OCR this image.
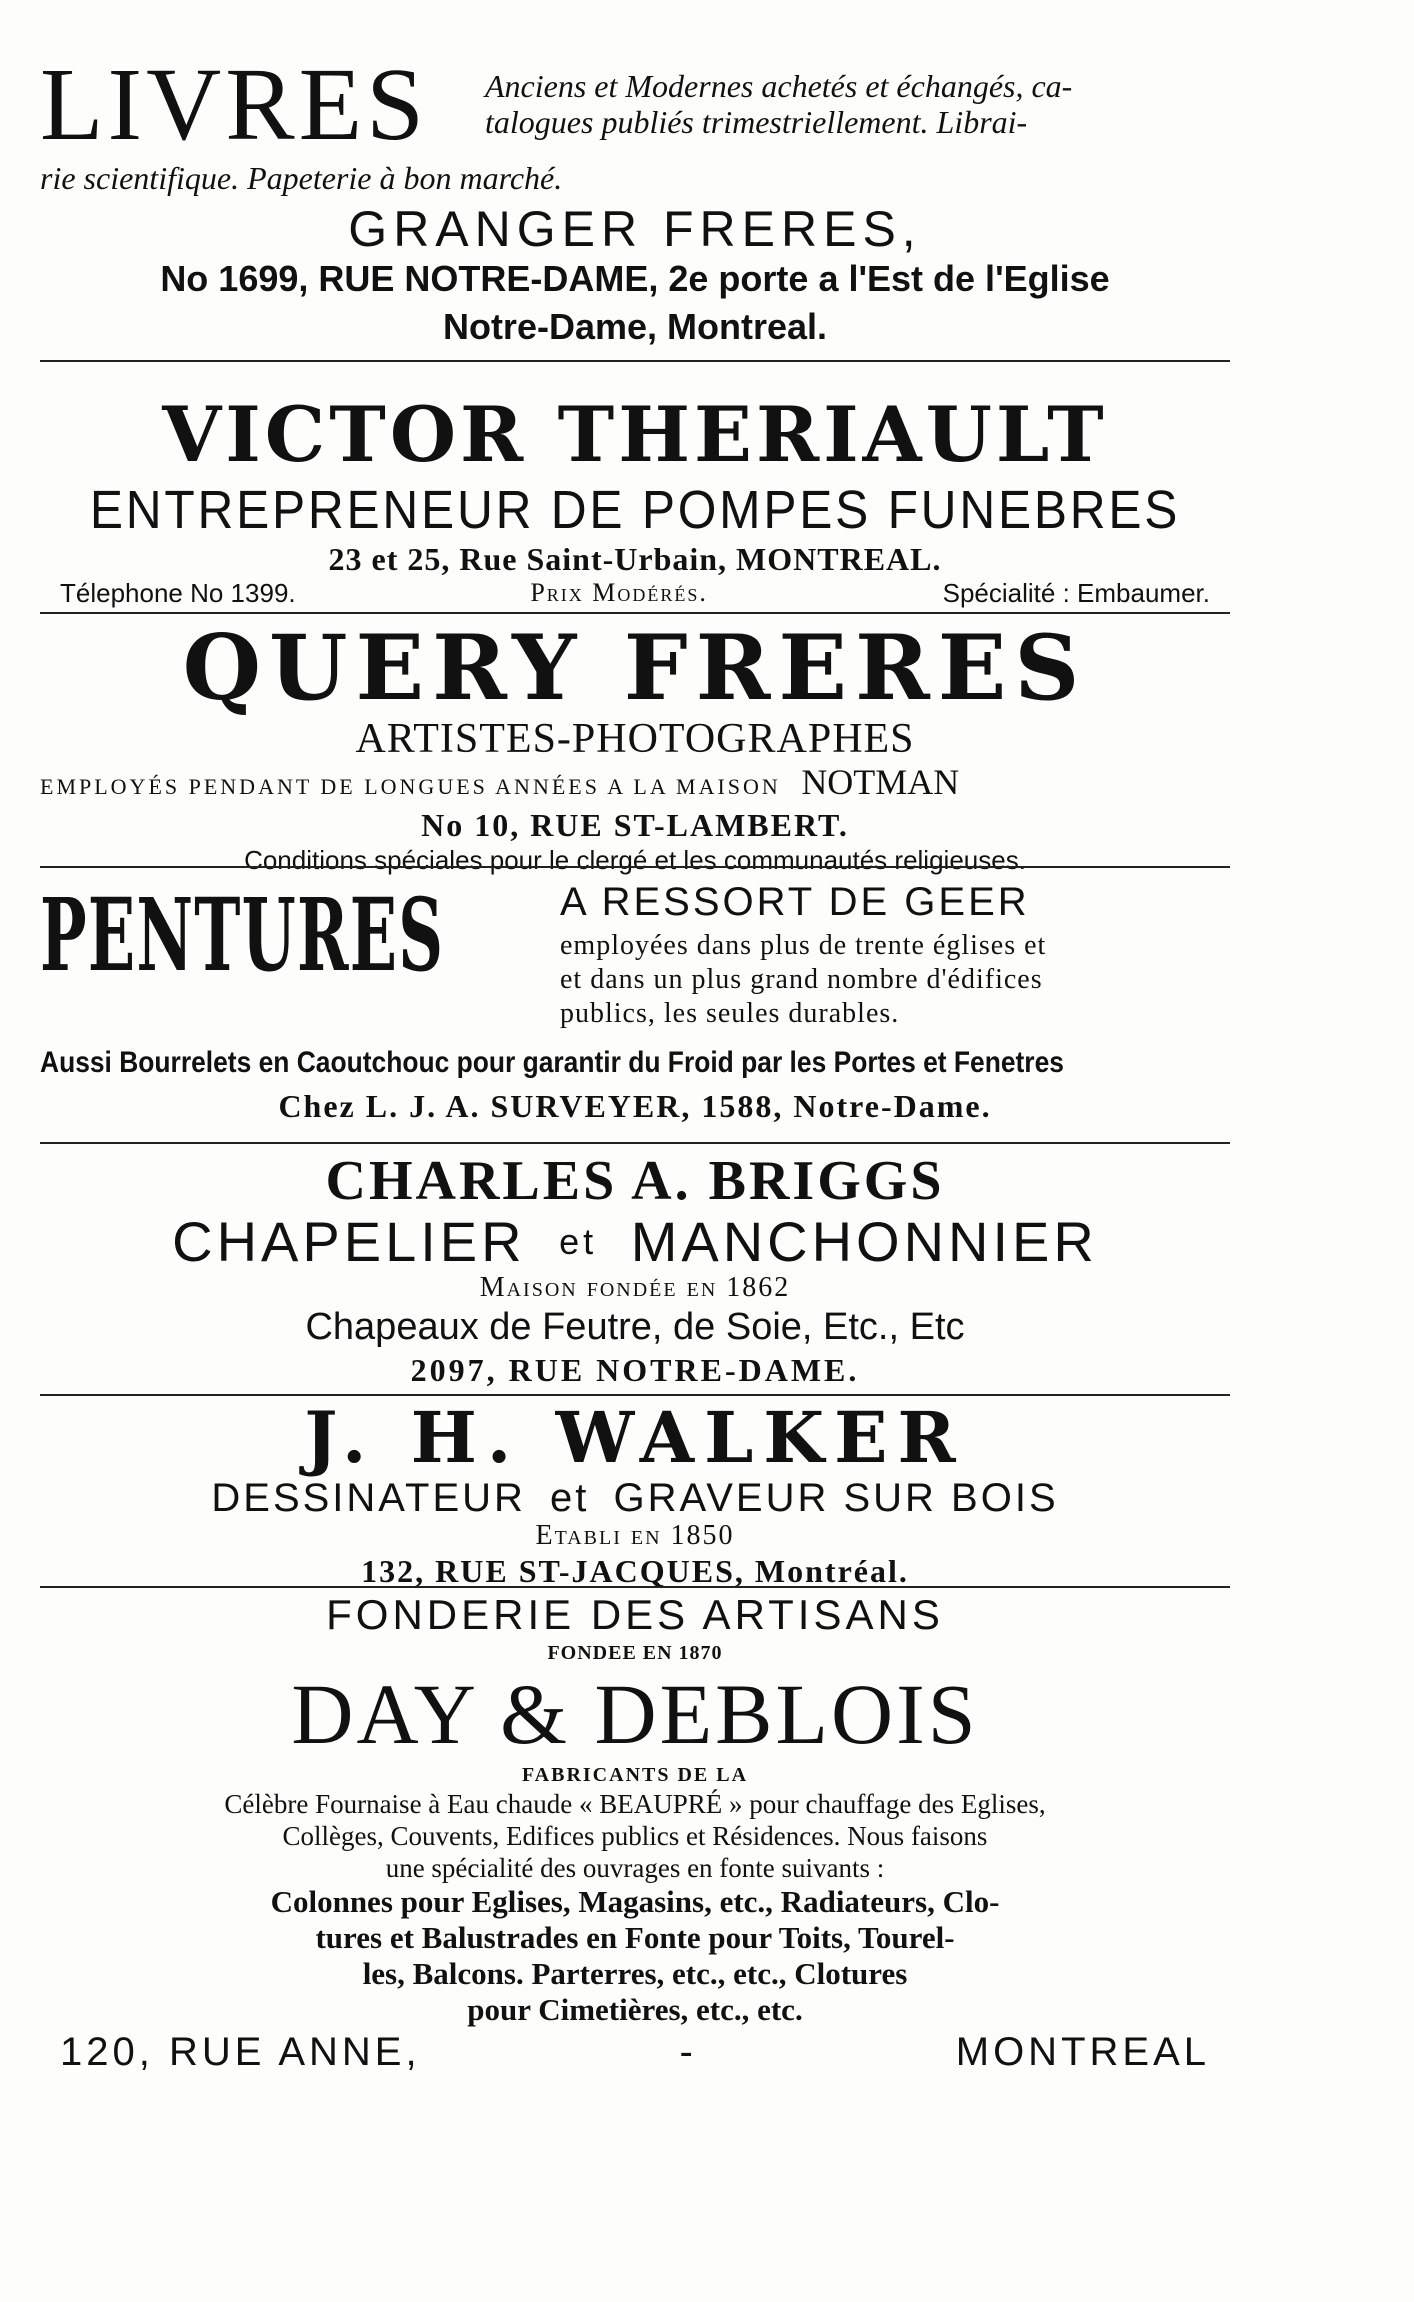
LIVRES Anciens et Modernes achetés et échangés, ca-
talogues publiés trimestriellement. Librai-
rie scientifique. Papeterie à bon marché.
GRANGER FRERES,
No 1699, RUE NOTRE-DAME, 2e porte a l'Est de l'Eglise
Notre-Dame, Montreal.
VICTOR THERIAULT
ENTREPRENEUR DE POMPES FUNEBRES
23 et 25, Rue Saint-Urbain, MONTREAL.
Télephone No 1399.	Prix Modérés.	Spécialité : Embaumer.
QUERY FRERES
ARTISTES-PHOTOGRAPHES
EMPLOYÉS PENDANT DE LONGUES ANNÉES A LA MAISON NOTMAN
No 10, RUE ST-LAMBERT.
Conditions spéciales pour le clergé et les communautés religieuses.
PENTURES	A RESSORT DE GEER
employées dans plus de trente églises et
et dans un plus grand nombre d'édifices
publics, les seules durables.
Aussi Bourrelets en Caoutchouc pour garantir du Froid par les Portes et Fenetres
Chez L. J. A. SURVEYER, 1588, Notre-Dame.
CHARLES A. BRIGGS
CHAPELIER $^{et}$ MANCHONNIER
Maison fondée en 1862
Chapeaux de Feutre, de Soie, Etc., Etc
2097, RUE NOTRE-DAME.
J. H. WALKER
DESSINATEUR et GRAVEUR SUR BOIS
Etabli en 1850
132, RUE ST-JACQUES, Montréal.
FONDERIE DES ARTISANS
FONDEE EN 1870
DAY & DEBLOIS
FABRICANTS DE LA
Célèbre Fournaise à Eau chaude « BEAUPRÉ » pour chauffage des Eglises,
Collèges, Couvents, Edifices publics et Résidences. Nous faisons
une spécialité des ouvrages en fonte suivants :
Colonnes pour Eglises, Magasins, etc., Radiateurs, Clo-
tures et Balustrades en Fonte pour Toits, Tourel-
les, Balcons. Parterres, etc., etc., Clotures
pour Cimetières, etc., etc.
120, RUE ANNE,	-	MONTREAL
